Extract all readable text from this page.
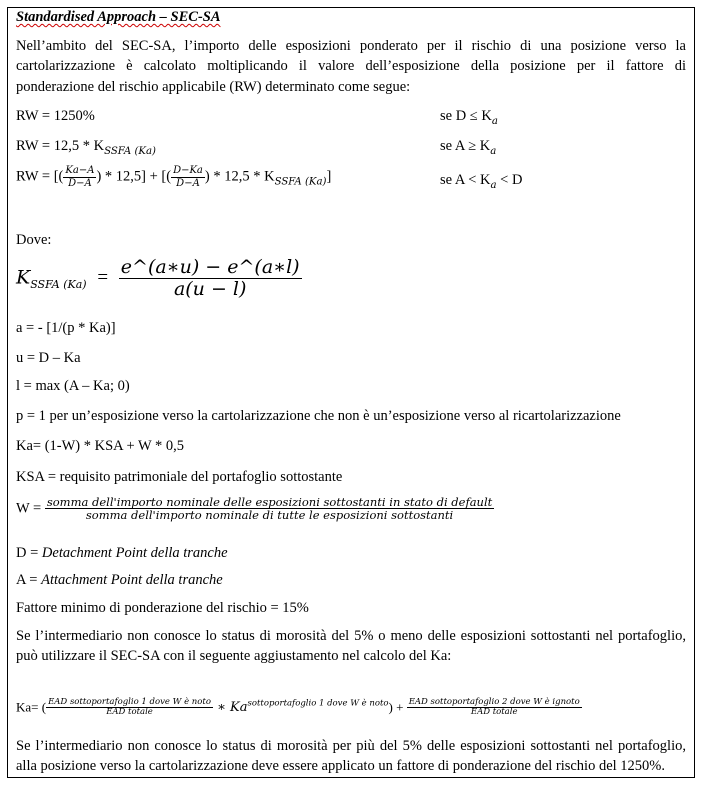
Standardised Approach – SEC-SA
Nell’ambito del SEC-SA, l’importo delle esposizioni ponderato per il rischio di una posizione verso la
cartolarizzazione è calcolato moltiplicando il valore dell’esposizione della posizione per il fattore di
ponderazione del rischio applicabile (RW) determinato come segue:
RW = 1250%	se $D \le K_a$
RW = $12,5 * K_{SSFA (Ka)}$	se $A \ge K_a$
RW = [( $\frac{Ka-A}{D-A}$ ) * 12,5] + [( $\frac{D-Ka}{D-A}$ ) * $12,5 * K_{SSFA (Ka)}$]	se $A < K_a < D$
Dove:
$K_{SSFA (Ka)} = \frac{e\^{}(a∗u) - e\^{}(a∗l)}{a(u - l)}$
a = - [1/(p * Ka)]
u = D – Ka
l = max (A – Ka; 0)
p = 1 per un’esposizione verso la cartolarizzazione che non è un’esposizione verso al ricartolarizzazione
Ka= (1-W) * KSA + W * 0,5
KSA = requisito patrimoniale del portafoglio sottostante
W = somma dell'importo nominale delle esposizioni sottostanti in stato di default
somma dell'importo nominale di tutte le esposizioni sottostanti
D = Detachment Point della tranche
A = Attachment Point della tranche
Fattore minimo di ponderazione del rischio = 15%
Se l’intermediario non conosce lo status di morosità del 5% o meno delle esposizioni sottostanti nel portafoglio,
può utilizzare il SEC-SA con il seguente aggiustamento nel calcolo del Ka:
Ka= ( $\frac{\text{EAD sottoportafoglio 1 dove W è noto}}{\text{EAD totale}}$ ∗ $Ka^{sottoportafoglio 1 dove W è noto}) + \frac{\text{EAD sottoportafoglio 2 dove W è ignoto}}{\text{EAD totale}}$
Se l’intermediario non conosce lo status di morosità per più del 5% delle esposizioni sottostanti nel portafoglio,
alla posizione verso la cartolarizzazione deve essere applicato un fattore di ponderazione del rischio del 1250%.
